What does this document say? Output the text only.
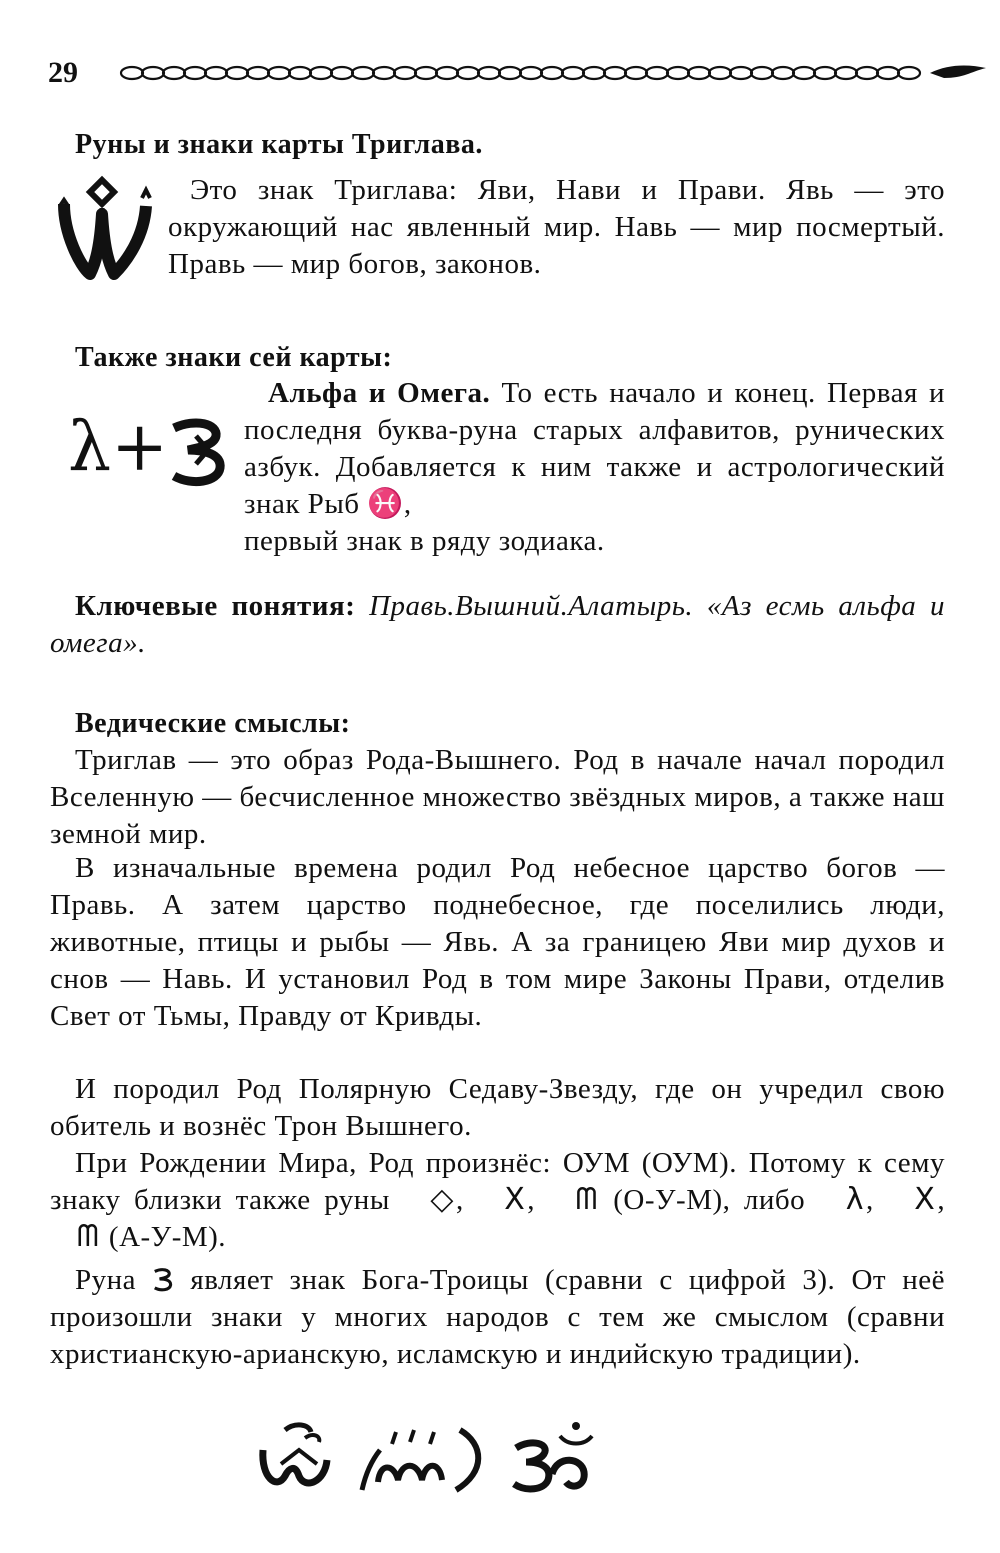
29

Руны и знаки карты Триглава.

Это знак Триглава: Яви, Нави и Прави. Явь — это окружающий нас явленный мир. Навь — мир посмертый. Правь — мир богов, законов.

Также знаки сей карты:

λ+

Альфа и Омега. То есть начало и конец. Первая и последня буква-руна старых алфавитов, рунических азбук. Добавляется к ним также и астрологический знак Рыб ♓,
первый знак в ряду зодиака.

Ключевые понятия: Правь.Вышний.Алатырь. «Аз есмь альфа и омега».

Ведические смыслы:

Триглав — это образ Рода-Вышнего. Род в начале начал породил Вселенную — бесчисленное множество звёздных миров, а также наш земной мир.

В изначальные времена родил Род небесное царство богов — Правь. А затем царство поднебесное, где поселились люди, животные, птицы и рыбы — Явь. А за границею Яви мир духов и снов — Навь. И установил Род в том мире Законы Прави, отделив Свет от Тьмы, Правду от Кривды.

И породил Род Полярную Седаву-Звезду, где он учредил свою обитель и вознёс Трон Вышнего.

При Рождении Мира, Род произнёс: ОУМ (ОУМ). Потому к сему знаку близки также руны ◇, X, ᗰ (О-У-М), либо λ, X, ᗰ (А-У-М).

Руна  являет знак Бога-Троицы (сравни с цифрой 3). От неё произошли знаки у многих народов с тем же смыслом (сравни христианскую-арианскую, исламскую и индийскую традиции).
